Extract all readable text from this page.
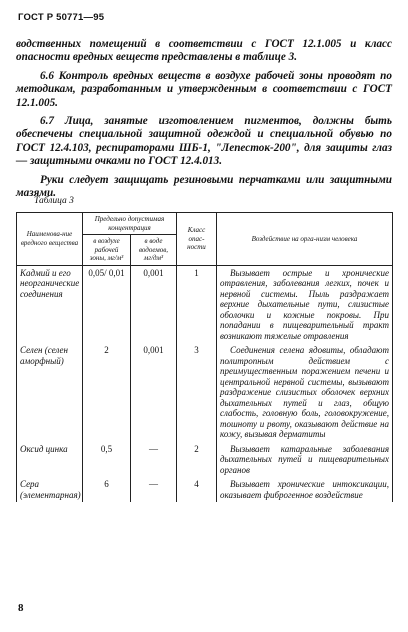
ГОСТ Р 50771—95

водственных помещений в соответствии с ГОСТ 12.1.005 и класс опасности вредных веществ представлены в таблице 3.

6.6 Контроль вредных веществ в воздухе рабочей зоны проводят по методикам, разработанным и утвержденным в соответствии с ГОСТ 12.1.005.

6.7 Лица, занятые изготовлением пигментов, должны быть обеспечены специальной защитной одеждой и специальной обувью по ГОСТ 12.4.103, респираторами ШБ-1, "Лепесток-200", для защиты глаз — защитными очками по ГОСТ 12.4.013.

Руки следует защищать резиновыми перчатками или защитными мазями.

Таблица 3
Наименова-ние вредного вещества	Предельно допустимая концентрация		Класс опас-ности	Воздействие на орга-низм человека
	в воздухе рабочей зоны, мг/м³	в воде водоемов, мг/дм³		
Кадмий и его неорганические соединения	0,05/ 0,01	0,001	1	Вызывает острые и хронические отравления, заболевания легких, почек и нервной системы. Пыль раздражает верхние дыхательные пути, слизистые оболочки и кожные покровы. При попадании в пищеварительный тракт возникают тяжелые отравления
Селен (селен аморфный)	2	0,001	3	Соединения селена ядовиты, обладают политропным действием с преимущественным поражением печени и центральной нервной системы, вызывают раздражение слизистых оболочек верхних дыхательных путей и глаз, общую слабость, головную боль, головокружение, тошноту и рвоту, оказывают действие на кожу, вызывая дерматиты
Оксид цинка	0,5	—	2	Вызывает катаральные заболевания дыхательных путей и пищеварительных органов
Сера (элементарная)	6	—	4	Вызывает хронические интоксикации, оказывает фиброгенное воздействие
8
